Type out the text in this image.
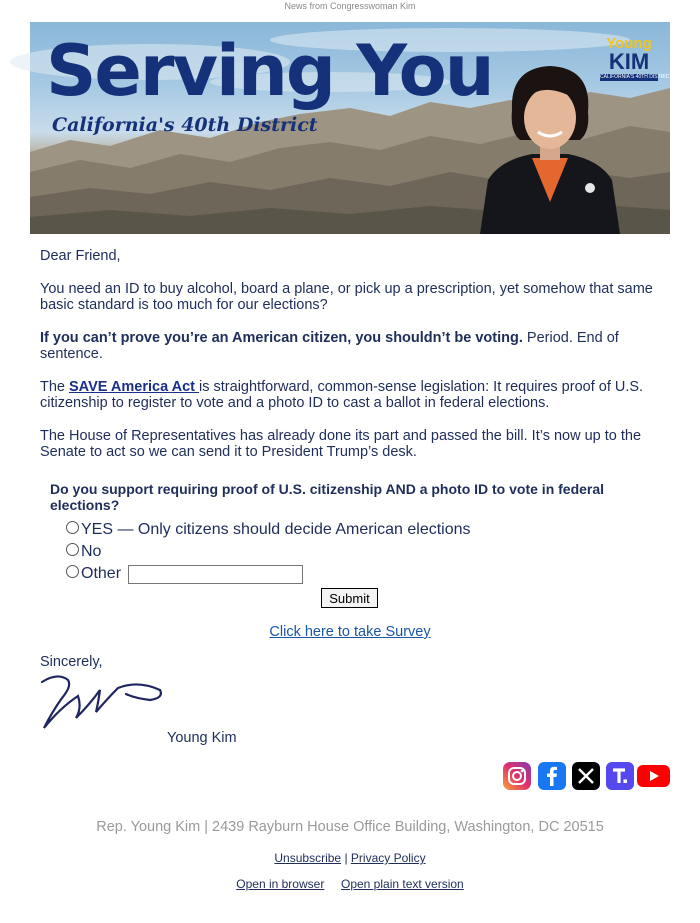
News from Congresswoman Kim
Serving You
California's 40th District
Young
KIM
CALIFORNIA'S 40TH DISTRICT

Dear Friend,

You need an ID to buy alcohol, board a plane, or pick up a prescription, yet somehow that same basic standard is too much for our elections?

If you can’t prove you’re an American citizen, you shouldn’t be voting. Period. End of sentence.

The SAVE America Act is straightforward, common-sense legislation: It requires proof of U.S. citizenship to register to vote and a photo ID to cast a ballot in federal elections.

The House of Representatives has already done its part and passed the bill. It’s now up to the Senate to act so we can send it to President Trump’s desk.

Do you support requiring proof of U.S. citizenship AND a photo ID to vote in federal elections?
YES — Only citizens should decide American elections
No
Other
Submit
Click here to take Survey
Sincerely,
Young Kim
Rep. Young Kim | 2439 Rayburn House Office Building, Washington, DC 20515
Unsubscribe | Privacy Policy
Open in browser Open plain text version
